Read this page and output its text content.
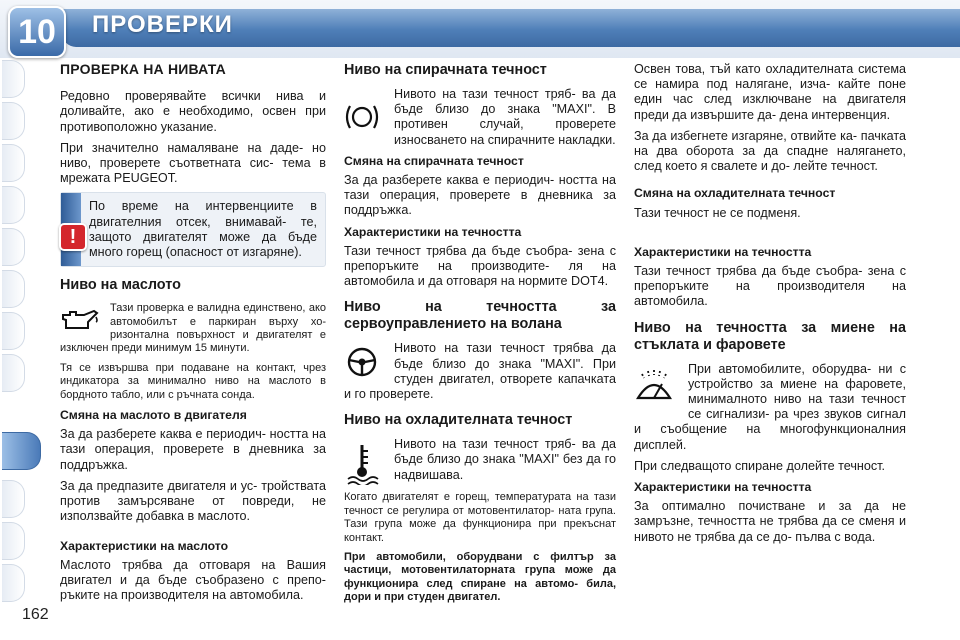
10	ПРОВЕРКИ
162
ПРОВЕРКА НА НИВАТА

Редовно проверявайте всички нива и доливайте, ако е необходимо, освен при противоположно указание.

При значително намаляване на даде- но ниво, проверете съответната сис- тема в мрежата PEUGEOT.

!
По време на интервенциите в двигателния отсек, внимавай- те, защото двигателят може да бъде много горещ (опасност от изгаряне).
Ниво на маслото

Тази проверка е валидна единствено, ако автомобилът е паркиран върху хо- ризонтална повърхност и двигателят е изключен преди минимум 15 минути.

Тя се извършва при подаване на контакт, чрез индикатора за минимално ниво на маслото в бордното табло, или с ръчната сонда.

Смяна на маслото в двигателя

За да разберете каква е периодич- ността на тази операция, проверете в дневника за поддръжка.

За да предпазите двигателя и ус- тройствата против замърсяване от повреди, не използвайте добавка в маслото.

Характеристики на маслото

Маслото трябва да отговаря на Вашия двигател и да бъде съобразено с препо- ръките на производителя на автомобила.

Ниво на спирачната течност

Нивото на тази течност тряб- ва да бъде близо до знака "MAXI". В противен случай, проверете износването на спирачните накладки.

Смяна на спирачната течност

За да разберете каква е периодич- ността на тази операция, проверете в дневника за поддръжка.

Характеристики на течността

Тази течност трябва да бъде съобра- зена с препоръките на производите- ля на автомобила и да отговаря на нормите DOT4.

Ниво на течността за сервоуправлението на волана

Нивото на тази течност трябва да бъде близо до знака "MAXI". При студен двигател, отворете капачката и го проверете.

Ниво на охладителната течност

Нивото на тази течност тряб- ва да бъде близо до знака "MAXI" без да го надвишава.

Когато двигателят е горещ, температурата на тази течност се регулира от мотовентилатор- ната група. Тази група може да функционира при прекъснат контакт.

При автомобили, оборудвани с филтър за частици, мотовентилаторната група може да функционира след спиране на автомо- била, дори и при студен двигател.

Освен това, тъй като охладителната система се намира под налягане, изча- кайте поне един час след изключване на двигателя преди да извършите да- дена интервенция.

За да избегнете изгаряне, отвийте ка- пачката на два оборота за да спадне налягането, след което я свалете и до- лейте течност.

Смяна на охладителната течност

Тази течност не се подменя.

Характеристики на течността

Тази течност трябва да бъде съобра- зена с препоръките на производителя на автомобила.

Ниво на течността за миене на стъклата и фаровете

При автомобилите, оборудва- ни с устройство за миене на фаровете, минималното ниво на тази течност се сигнализи- ра чрез звуков сигнал и съобщение на многофункционалния дисплей.

При следващото спиране долейте течност.

Характеристики на течността

За оптимално почистване и за да не замръзне, течността не трябва да се сменя и нивото не трябва да се до- пълва с вода.
